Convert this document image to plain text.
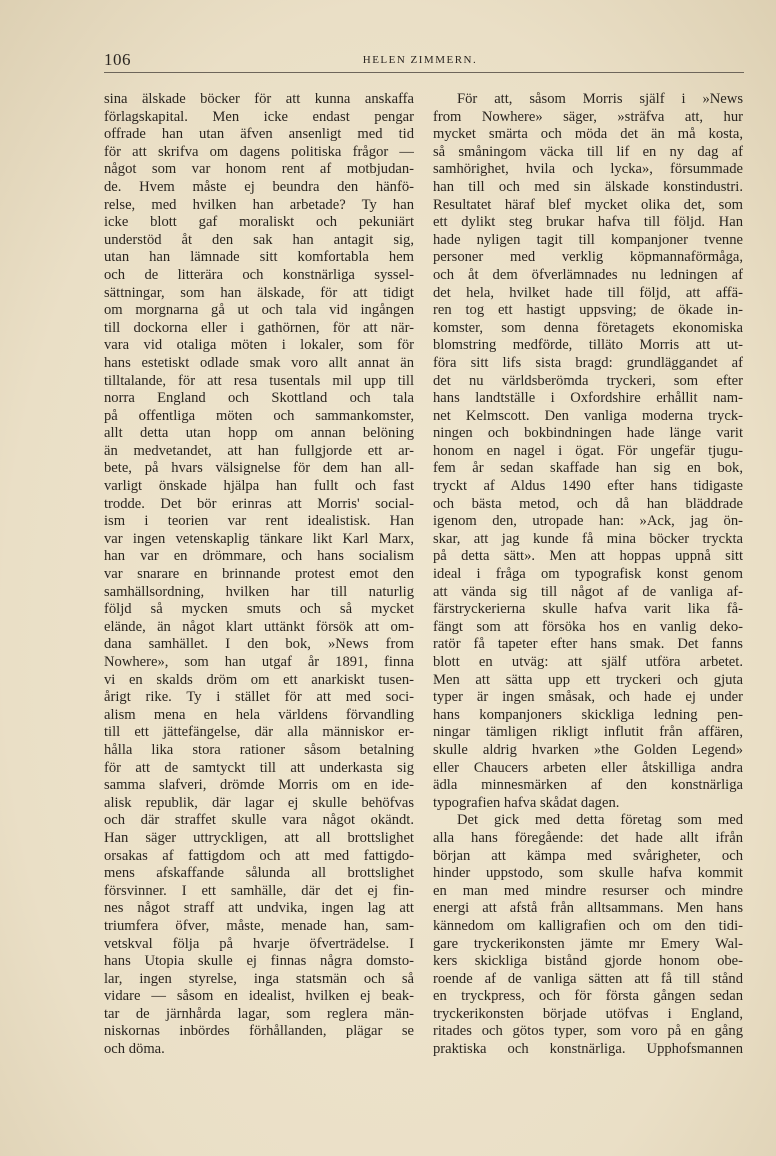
106	HELEN ZIMMERN.
sina älskade böcker för att kunna anskaffa
förlagskapital. Men icke endast pengar
offrade han utan äfven ansenligt med tid
för att skrifva om dagens politiska frågor —
något som var honom rent af motbjudan-
de. Hvem måste ej beundra den hänfö-
relse, med hvilken han arbetade? Ty han
icke blott gaf moraliskt och pekuniärt
understöd åt den sak han antagit sig,
utan han lämnade sitt komfortabla hem
och de litterära och konstnärliga syssel-
sättningar, som han älskade, för att tidigt
om morgnarna gå ut och tala vid ingången
till dockorna eller i gathörnen, för att när-
vara vid otaliga möten i lokaler, som för
hans estetiskt odlade smak voro allt annat än
tilltalande, för att resa tusentals mil upp till
norra England och Skottland och tala
på offentliga möten och sammankomster,
allt detta utan hopp om annan belöning
än medvetandet, att han fullgjorde ett ar-
bete, på hvars välsignelse för dem han all-
varligt önskade hjälpa han fullt och fast
trodde. Det bör erinras att Morris' social-
ism i teorien var rent idealistisk. Han
var ingen vetenskaplig tänkare likt Karl Marx,
han var en drömmare, och hans socialism
var snarare en brinnande protest emot den
samhällsordning, hvilken har till naturlig
följd så mycken smuts och så mycket
elände, än något klart uttänkt försök att om-
dana samhället. I den bok, »News from
Nowhere», som han utgaf år 1891, finna
vi en skalds dröm om ett anarkiskt tusen-
årigt rike. Ty i stället för att med soci-
alism mena en hela världens förvandling
till ett jättefängelse, där alla människor er-
hålla lika stora rationer såsom betalning
för att de samtyckt till att underkasta sig
samma slafveri, drömde Morris om en ide-
alisk republik, där lagar ej skulle behöfvas
och där straffet skulle vara något okändt.
Han säger uttryckligen, att all brottslighet
orsakas af fattigdom och att med fattigdo-
mens afskaffande sålunda all brottslighet
försvinner. I ett samhälle, där det ej fin-
nes något straff att undvika, ingen lag att
triumfera öfver, måste, menade han, sam-
vetskval följa på hvarje öfverträdelse. I
hans Utopia skulle ej finnas några domsto-
lar, ingen styrelse, inga statsmän och så
vidare — såsom en idealist, hvilken ej beak-
tar de järnhårda lagar, som reglera män-
niskornas inbördes förhållanden, plägar se
och döma.
För att, såsom Morris själf i »News
from Nowhere» säger, »sträfva att, hur
mycket smärta och möda det än må kosta,
så småningom väcka till lif en ny dag af
samhörighet, hvila och lycka», försummade
han till och med sin älskade konstindustri.
Resultatet häraf blef mycket olika det, som
ett dylikt steg brukar hafva till följd. Han
hade nyligen tagit till kompanjoner tvenne
personer med verklig köpmannaförmåga,
och åt dem öfverlämnades nu ledningen af
det hela, hvilket hade till följd, att affä-
ren tog ett hastigt uppsving; de ökade in-
komster, som denna företagets ekonomiska
blomstring medförde, tilläto Morris att ut-
föra sitt lifs sista bragd: grundläggandet af
det nu världsberömda tryckeri, som efter
hans landtställe i Oxfordshire erhållit nam-
net Kelmscott. Den vanliga moderna tryck-
ningen och bokbindningen hade länge varit
honom en nagel i ögat. För ungefär tjugu-
fem år sedan skaffade han sig en bok,
tryckt af Aldus 1490 efter hans tidigaste
och bästa metod, och då han bläddrade
igenom den, utropade han: »Ack, jag ön-
skar, att jag kunde få mina böcker tryckta
på detta sätt». Men att hoppas uppnå sitt
ideal i fråga om typografisk konst genom
att vända sig till något af de vanliga af-
färstryckerierna skulle hafva varit lika få-
fängt som att försöka hos en vanlig deko-
ratör få tapeter efter hans smak. Det fanns
blott en utväg: att själf utföra arbetet.
Men att sätta upp ett tryckeri och gjuta
typer är ingen småsak, och hade ej under
hans kompanjoners skickliga ledning pen-
ningar tämligen rikligt influtit från affären,
skulle aldrig hvarken »the Golden Legend»
eller Chaucers arbeten eller åtskilliga andra
ädla minnesmärken af den konstnärliga
typografien hafva skådat dagen.
Det gick med detta företag som med
alla hans föregående: det hade allt ifrån
början att kämpa med svårigheter, och
hinder uppstodo, som skulle hafva kommit
en man med mindre resurser och mindre
energi att afstå från alltsammans. Men hans
kännedom om kalligrafien och om den tidi-
gare tryckerikonsten jämte mr Emery Wal-
kers skickliga bistånd gjorde honom obe-
roende af de vanliga sätten att få till stånd
en tryckpress, och för första gången sedan
tryckerikonsten började utöfvas i England,
ritades och götos typer, som voro på en gång
praktiska och konstnärliga. Upphofsmannen
